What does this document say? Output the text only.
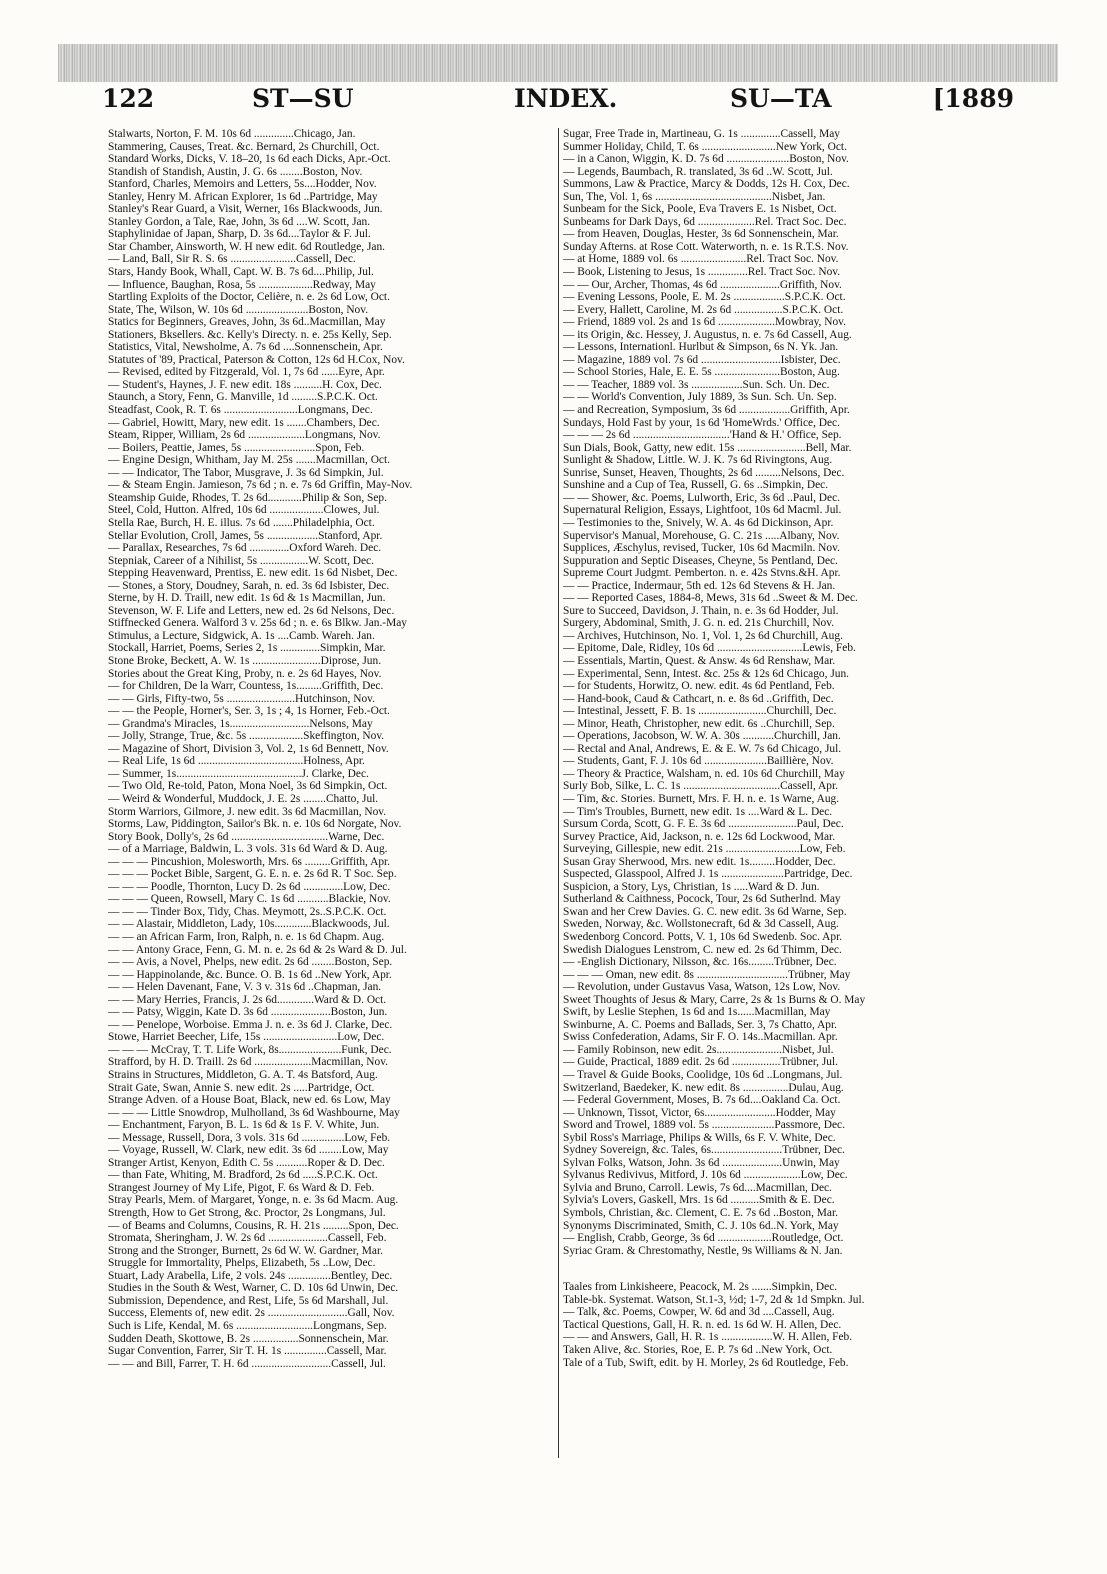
122	ST—SU	INDEX.	SU—TA	[1889
Stalwarts, Norton, F. M. 10s 6d ..............Chicago, Jan.
Stammering, Causes, Treat. &c. Bernard, 2s Churchill, Oct.
Standard Works, Dicks, V. 18–20, 1s 6d each Dicks, Apr.-Oct.
Standish of Standish, Austin, J. G. 6s ........Boston, Nov.
Stanford, Charles, Memoirs and Letters, 5s....Hodder, Nov.
Stanley, Henry M. African Explorer, 1s 6d ..Partridge, May
Stanley's Rear Guard, a Visit, Werner, 16s Blackwoods, Jun.
Stanley Gordon, a Tale, Rae, John, 3s 6d ....W. Scott, Jan.
Staphylinidae of Japan, Sharp, D. 3s 6d....Taylor & F. Jul.
Star Chamber, Ainsworth, W. H new edit. 6d Routledge, Jan.
— Land, Ball, Sir R. S. 6s .......................Cassell, Dec.
Stars, Handy Book, Whall, Capt. W. B. 7s 6d....Philip, Jul.
— Influence, Baughan, Rosa, 5s ...................Redway, May
Startling Exploits of the Doctor, Celière, n. e. 2s 6d Low, Oct.
State, The, Wilson, W. 10s 6d ......................Boston, Nov.
Statics for Beginners, Greaves, John, 3s 6d..Macmillan, May
Stationers, Bksellers. &c. Kelly's Directy. n. e. 25s Kelly, Sep.
Statistics, Vital, Newsholme, A. 7s 6d ....Sonnenschein, Apr.
Statutes of '89, Practical, Paterson & Cotton, 12s 6d H.Cox, Nov.
— Revised, edited by Fitzgerald, Vol. 1, 7s 6d ......Eyre, Apr.
— Student's, Haynes, J. F. new edit. 18s ..........H. Cox, Dec.
Staunch, a Story, Fenn, G. Manville, 1d .........S.P.C.K. Oct.
Steadfast, Cook, R. T. 6s ..........................Longmans, Dec.
— Gabriel, Howitt, Mary, new edit. 1s .......Chambers, Dec.
Steam, Ripper, William, 2s 6d ....................Longmans, Nov.
— Boilers, Peattie, James, 5s .........................Spon, Feb.
— Engine Design, Whitham, Jay M. 25s .......Macmillan, Oct.
— — Indicator, The Tabor, Musgrave, J. 3s 6d Simpkin, Jul.
— & Steam Engin. Jamieson, 7s 6d ; n. e. 7s 6d Griffin, May-Nov.
Steamship Guide, Rhodes, T. 2s 6d............Philip & Son, Sep.
Steel, Cold, Hutton. Alfred, 10s 6d ...................Clowes, Jul.
Stella Rae, Burch, H. E. illus. 7s 6d .......Philadelphia, Oct.
Stellar Evolution, Croll, James, 5s ..................Stanford, Apr.
— Parallax, Researches, 7s 6d ..............Oxford Wareh. Dec.
Stepniak, Career of a Nihilist, 5s .................W. Scott, Dec.
Stepping Heavenward, Prentiss, E. new edit. 1s 6d Nisbet, Dec.
— Stones, a Story, Doudney, Sarah, n. ed. 3s 6d Isbister, Dec.
Sterne, by H. D. Traill, new edit. 1s 6d & 1s Macmillan, Jun.
Stevenson, W. F. Life and Letters, new ed. 2s 6d Nelsons, Dec.
Stiffnecked Genera. Walford 3 v. 25s 6d ; n. e. 6s Blkw. Jan.-May
Stimulus, a Lecture, Sidgwick, A. 1s ....Camb. Wareh. Jan.
Stockall, Harriet, Poems, Series 2, 1s ..............Simpkin, Mar.
Stone Broke, Beckett, A. W. 1s ........................Diprose, Jun.
Stories about the Great King, Proby, n. e. 2s 6d Hayes, Nov.
— for Children, De la Warr, Countess, 1s.........Griffith, Dec.
— — Girls, Fifty-two, 5s ........................Hutchinson, Nov.
— — the People, Horner's, Ser. 3, 1s ; 4, 1s Horner, Feb.-Oct.
— Grandma's Miracles, 1s............................Nelsons, May
— Jolly, Strange, True, &c. 5s ...................Skeffington, Nov.
— Magazine of Short, Division 3, Vol. 2, 1s 6d Bennett, Nov.
— Real Life, 1s 6d .....................................Holness, Apr.
— Summer, 1s............................................J. Clarke, Dec.
— Two Old, Re-told, Paton, Mona Noel, 3s 6d Simpkin, Oct.
— Weird & Wonderful, Muddock, J. E. 2s ........Chatto, Jul.
Storm Warriors, Gilmore, J. new edit. 3s 6d Macmillan, Nov.
Storms, Law, Piddington, Sailor's Bk. n. e. 10s 6d Norgate, Nov.
Story Book, Dolly's, 2s 6d ..................................Warne, Dec.
— of a Marriage, Baldwin, L. 3 vols. 31s 6d Ward & D. Aug.
— — — Pincushion, Molesworth, Mrs. 6s .........Griffith, Apr.
— — — Pocket Bible, Sargent, G. E. n. e. 2s 6d R. T Soc. Sep.
— — — Poodle, Thornton, Lucy D. 2s 6d ..............Low, Dec.
— — — Queen, Rowsell, Mary C. 1s 6d ...........Blackie, Nov.
— — — Tinder Box, Tidy, Chas. Meymott, 2s..S.P.C.K. Oct.
— — Alastair, Middleton, Lady, 10s.............Blackwoods, Jul.
— — an African Farm, Iron, Ralph, n. e. 1s 6d Chapm. Aug.
— — Antony Grace, Fenn, G. M. n. e. 2s 6d & 2s Ward & D. Jul.
— — Avis, a Novel, Phelps, new edit. 2s 6d ........Boston, Sep.
— — Happinolande, &c. Bunce. O. B. 1s 6d ..New York, Apr.
— — Helen Davenant, Fane, V. 3 v. 31s 6d ..Chapman, Jan.
— — Mary Herries, Francis, J. 2s 6d.............Ward & D. Oct.
— — Patsy, Wiggin, Kate D. 3s 6d .....................Boston, Jun.
— — Penelope, Worboise. Emma J. n. e. 3s 6d J. Clarke, Dec.
Stowe, Harriet Beecher, Life, 15s ..........................Low, Dec.
— — — McCray, T. T. Life Work, 8s......................Funk, Dec.
Strafford, by H. D. Traill. 2s 6d ....................Macmillan, Nov.
Strains in Structures, Middleton, G. A. T. 4s Batsford, Aug.
Strait Gate, Swan, Annie S. new edit. 2s .....Partridge, Oct.
Strange Adven. of a House Boat, Black, new ed. 6s Low, May
— — — Little Snowdrop, Mulholland, 3s 6d Washbourne, May
— Enchantment, Faryon, B. L. 1s 6d & 1s F. V. White, Jun.
— Message, Russell, Dora, 3 vols. 31s 6d ...............Low, Feb.
— Voyage, Russell, W. Clark, new edit. 3s 6d ........Low, May
Stranger Artist, Kenyon, Edith C. 5s ...........Roper & D. Dec.
— than Fate, Whiting, M. Bradford, 2s 6d .....S.P.C.K. Oct.
Strangest Journey of My Life, Pigot, F. 6s Ward & D. Feb.
Stray Pearls, Mem. of Margaret, Yonge, n. e. 3s 6d Macm. Aug.
Strength, How to Get Strong, &c. Proctor, 2s Longmans, Jul.
— of Beams and Columns, Cousins, R. H. 21s .........Spon, Dec.
Stromata, Sheringham, J. W. 2s 6d .....................Cassell, Feb.
Strong and the Stronger, Burnett, 2s 6d W. W. Gardner, Mar.
Struggle for Immortality, Phelps, Elizabeth, 5s ..Low, Dec.
Stuart, Lady Arabella, Life, 2 vols. 24s ...............Bentley, Dec.
Studies in the South & West, Warner, C. D. 10s 6d Unwin, Dec.
Submission, Dependence, and Rest, Life, 5s 6d Marshall, Jul.
Success, Elements of, new edit. 2s ............................Gall, Nov.
Such is Life, Kendal, M. 6s ...........................Longmans, Sep.
Sudden Death, Skottowe, B. 2s ................Sonnenschein, Mar.
Sugar Convention, Farrer, Sir T. H. 1s ...............Cassell, Mar.
— — and Bill, Farrer, T. H. 6d ............................Cassell, Jul.
Sugar, Free Trade in, Martineau, G. 1s ..............Cassell, May
Summer Holiday, Child, T. 6s ..........................New York, Oct.
— in a Canon, Wiggin, K. D. 7s 6d ......................Boston, Nov.
— Legends, Baumbach, R. translated, 3s 6d ..W. Scott, Jul.
Summons, Law & Practice, Marcy & Dodds, 12s H. Cox, Dec.
Sun, The, Vol. 1, 6s .........................................Nisbet, Jan.
Sunbeam for the Sick, Poole, Eva Travers E. 1s Nisbet, Oct.
Sunbeams for Dark Days, 6d ....................Rel. Tract Soc. Dec.
— from Heaven, Douglas, Hester, 3s 6d Sonnenschein, Mar.
Sunday Afterns. at Rose Cott. Waterworth, n. e. 1s R.T.S. Nov.
— at Home, 1889 vol. 6s .......................Rel. Tract Soc. Nov.
— Book, Listening to Jesus, 1s ..............Rel. Tract Soc. Nov.
— — Our, Archer, Thomas, 4s 6d .....................Griffith, Nov.
— Evening Lessons, Poole, E. M. 2s ..................S.P.C.K. Oct.
— Every, Hallett, Caroline, M. 2s 6d .................S.P.C.K. Oct.
— Friend, 1889 vol. 2s and 1s 6d ....................Mowbray, Nov.
— its Origin, &c. Hessey, J. Augustus, n. e. 7s 6d Cassell, Aug.
— Lessons, Internationl. Hurlbut & Simpson, 6s N. Yk. Jan.
— Magazine, 1889 vol. 7s 6d ............................Isbister, Dec.
— School Stories, Hale, E. E. 5s .......................Boston, Aug.
— — Teacher, 1889 vol. 3s ..................Sun. Sch. Un. Dec.
— — World's Convention, July 1889, 3s Sun. Sch. Un. Sep.
— and Recreation, Symposium, 3s 6d ..................Griffith, Apr.
Sundays, Hold Fast by your, 1s 6d 'HomeWrds.' Office, Dec.
— — — 2s 6d ..................................'Hand & H.' Office, Sep.
Sun Dials, Book, Gatty, new edit. 15s ........................Bell, Mar.
Sunlight & Shadow, Little. W. J. K. 7s 6d Rivingtons, Aug.
Sunrise, Sunset, Heaven, Thoughts, 2s 6d .........Nelsons, Dec.
Sunshine and a Cup of Tea, Russell, G. 6s ..Simpkin, Dec.
— — Shower, &c. Poems, Lulworth, Eric, 3s 6d ..Paul, Dec.
Supernatural Religion, Essays, Lightfoot, 10s 6d Macml. Jul.
— Testimonies to the, Snively, W. A. 4s 6d Dickinson, Apr.
Supervisor's Manual, Morehouse, G. C. 21s .....Albany, Nov.
Supplices, Æschylus, revised, Tucker, 10s 6d Macmiln. Nov.
Suppuration and Septic Diseases, Cheyne, 5s Pentland, Dec.
Supreme Court Judgmt. Pemberton. n. e. 42s Stvns.&H. Apr.
— — Practice, Indermaur, 5th ed. 12s 6d Stevens & H. Jan.
— — Reported Cases, 1884-8, Mews, 31s 6d ..Sweet & M. Dec.
Sure to Succeed, Davidson, J. Thain, n. e. 3s 6d Hodder, Jul.
Surgery, Abdominal, Smith, J. G. n. ed. 21s Churchill, Nov.
— Archives, Hutchinson, No. 1, Vol. 1, 2s 6d Churchill, Aug.
— Epitome, Dale, Ridley, 10s 6d ..............................Lewis, Feb.
— Essentials, Martin, Quest. & Answ. 4s 6d Renshaw, Mar.
— Experimental, Senn, Intest. &c. 25s & 12s 6d Chicago, Jun.
— for Students, Horwitz, O. new. edit. 4s 6d Pentland, Feb.
— Hand-book, Caud & Cathcart, n. e. 8s 6d ..Griffith, Dec.
— Intestinal, Jessett, F. B. 1s ........................Churchill, Dec.
— Minor, Heath, Christopher, new edit. 6s ..Churchill, Sep.
— Operations, Jacobson, W. W. A. 30s ...........Churchill, Jan.
— Rectal and Anal, Andrews, E. & E. W. 7s 6d Chicago, Jul.
— Students, Gant, F. J. 10s 6d ......................Baillière, Nov.
— Theory & Practice, Walsham, n. ed. 10s 6d Churchill, May
Surly Bob, Silke, L. C. 1s ..................................Cassell, Apr.
— Tim, &c. Stories. Burnett, Mrs. F. H. n. e. 1s Warne, Aug.
— Tim's Troubles, Burnett, new edit. 1s ....Ward & L. Dec.
Sursum Corda, Scott, G. F. E. 3s 6d ........................Paul, Dec.
Survey Practice, Aid, Jackson, n. e. 12s 6d Lockwood, Mar.
Surveying, Gillespie, new edit. 21s ..........................Low, Feb.
Susan Gray Sherwood, Mrs. new edit. 1s.........Hodder, Dec.
Suspected, Glasspool, Alfred J. 1s ......................Partridge, Dec.
Suspicion, a Story, Lys, Christian, 1s .....Ward & D. Jun.
Sutherland & Caithness, Pocock, Tour, 2s 6d Sutherlnd. May
Swan and her Crew Davies. G. C. new edit. 3s 6d Warne, Sep.
Sweden, Norway, &c. Wollstonecraft, 6d & 3d Cassell, Aug.
Swedenborg Concord. Potts, V. 1, 10s 6d Swedenb. Soc. Apr.
Swedish Dialogues Lenstrom, C. new ed. 2s 6d Thimm, Dec.
— -English Dictionary, Nilsson, &c. 16s.........Trübner, Dec.
— — — Oman, new edit. 8s ................................Trübner, May
— Revolution, under Gustavus Vasa, Watson, 12s Low, Nov.
Sweet Thoughts of Jesus & Mary, Carre, 2s & 1s Burns & O. May
Swift, by Leslie Stephen, 1s 6d and 1s......Macmillan, May
Swinburne, A. C. Poems and Ballads, Ser. 3, 7s Chatto, Apr.
Swiss Confederation, Adams, Sir F. O. 14s..Macmillan. Apr.
— Family Robinson, new edit. 2s.......................Nisbet, Jul.
— Guide, Practical, 1889 edit. 2s 6d .................Trübner, Jul.
— Travel & Guide Books, Coolidge, 10s 6d ..Longmans, Jul.
Switzerland, Baedeker, K. new edit. 8s ................Dulau, Aug.
— Federal Government, Moses, B. 7s 6d....Oakland Ca. Oct.
— Unknown, Tissot, Victor, 6s.........................Hodder, May
Sword and Trowel, 1889 vol. 5s ......................Passmore, Dec.
Sybil Ross's Marriage, Philips & Wills, 6s F. V. White, Dec.
Sydney Sovereign, &c. Tales, 6s.........................Trübner, Dec.
Sylvan Folks, Watson, John. 3s 6d .....................Unwin, May
Sylvanus Redivivus, Mitford, J. 10s 6d ....................Low, Dec.
Sylvia and Bruno, Carroll. Lewis, 7s 6d....Macmillan, Dec.
Sylvia's Lovers, Gaskell, Mrs. 1s 6d ..........Smith & E. Dec.
Symbols, Christian, &c. Clement, C. E. 7s 6d ..Boston, Mar.
Synonyms Discriminated, Smith, C. J. 10s 6d..N. York, May
— English, Crabb, George, 3s 6d ...................Routledge, Oct.
Syriac Gram. & Chrestomathy, Nestle, 9s Williams & N. Jan.
Taales from Linkisheere, Peacock, M. 2s .......Simpkin, Dec.
Table-bk. Systemat. Watson, St.1-3, ½d; 1-7, 2d & 1d Smpkn. Jul.
— Talk, &c. Poems, Cowper, W. 6d and 3d ....Cassell, Aug.
Tactical Questions, Gall, H. R. n. ed. 1s 6d W. H. Allen, Dec.
— — and Answers, Gall, H. R. 1s ..................W. H. Allen, Feb.
Taken Alive, &c. Stories, Roe, E. P. 7s 6d ..New York, Oct.
Tale of a Tub, Swift, edit. by H. Morley, 2s 6d Routledge, Feb.
